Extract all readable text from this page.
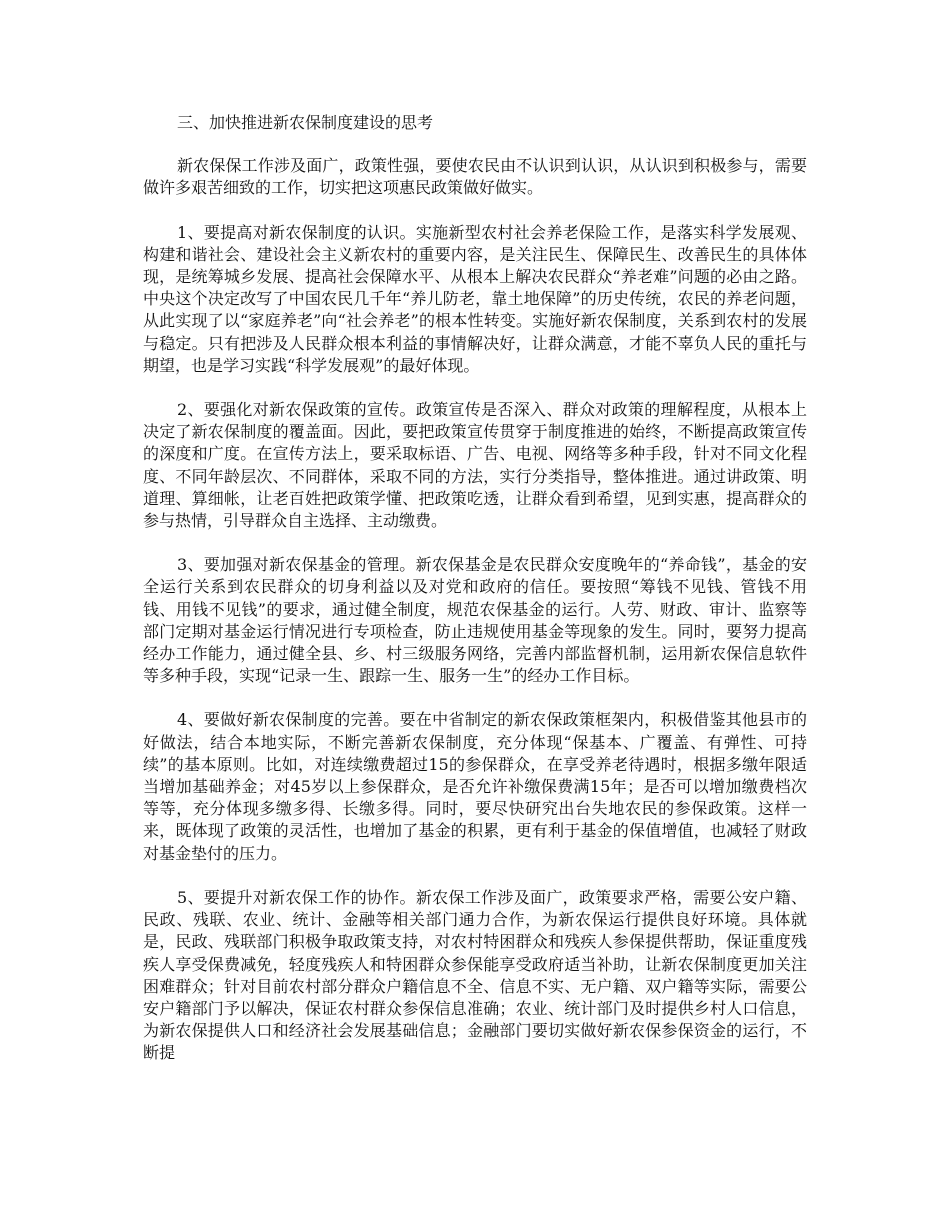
三、加快推进新农保制度建设的思考

新农保保工作涉及面广，政策性强，要使农民由不认识到认识，从认识到积极参与，需要做许多艰苦细致的工作，切实把这项惠民政策做好做实。

1、要提高对新农保制度的认识。实施新型农村社会养老保险工作，是落实科学发展观、构建和谐社会、建设社会主义新农村的重要内容，是关注民生、保障民生、改善民生的具体体现，是统筹城乡发展、提高社会保障水平、从根本上解决农民群众“养老难”问题的必由之路。中央这个决定改写了中国农民几千年“养儿防老，靠土地保障”的历史传统，农民的养老问题，从此实现了以“家庭养老”向“社会养老”的根本性转变。实施好新农保制度，关系到农村的发展与稳定。只有把涉及人民群众根本利益的事情解决好，让群众满意，才能不辜负人民的重托与期望，也是学习实践“科学发展观”的最好体现。

2、要强化对新农保政策的宣传。政策宣传是否深入、群众对政策的理解程度，从根本上决定了新农保制度的覆盖面。因此，要把政策宣传贯穿于制度推进的始终，不断提高政策宣传的深度和广度。在宣传方法上，要采取标语、广告、电视、网络等多种手段，针对不同文化程度、不同年龄层次、不同群体，采取不同的方法，实行分类指导，整体推进。通过讲政策、明道理、算细帐，让老百姓把政策学懂、把政策吃透，让群众看到希望，见到实惠，提高群众的参与热情，引导群众自主选择、主动缴费。

3、要加强对新农保基金的管理。新农保基金是农民群众安度晚年的“养命钱”，基金的安全运行关系到农民群众的切身利益以及对党和政府的信任。要按照“筹钱不见钱、管钱不用钱、用钱不见钱”的要求，通过健全制度，规范农保基金的运行。人劳、财政、审计、监察等部门定期对基金运行情况进行专项检查，防止违规使用基金等现象的发生。同时，要努力提高经办工作能力，通过健全县、乡、村三级服务网络，完善内部监督机制，运用新农保信息软件等多种手段，实现“记录一生、跟踪一生、服务一生”的经办工作目标。

4、要做好新农保制度的完善。要在中省制定的新农保政策框架内，积极借鉴其他县市的好做法，结合本地实际，不断完善新农保制度，充分体现“保基本、广覆盖、有弹性、可持续”的基本原则。比如，对连续缴费超过15的参保群众，在享受养老待遇时，根据多缴年限适当增加基础养金；对45岁以上参保群众，是否允许补缴保费满15年；是否可以增加缴费档次等等，充分体现多缴多得、长缴多得。同时，要尽快研究出台失地农民的参保政策。这样一来，既体现了政策的灵活性，也增加了基金的积累，更有利于基金的保值增值，也减轻了财政对基金垫付的压力。

5、要提升对新农保工作的协作。新农保工作涉及面广，政策要求严格，需要公安户籍、民政、残联、农业、统计、金融等相关部门通力合作，为新农保运行提供良好环境。具体就是，民政、残联部门积极争取政策支持，对农村特困群众和残疾人参保提供帮助，保证重度残疾人享受保费减免，轻度残疾人和特困群众参保能享受政府适当补助，让新农保制度更加关注困难群众；针对目前农村部分群众户籍信息不全、信息不实、无户籍、双户籍等实际，需要公安户籍部门予以解决，保证农村群众参保信息准确；农业、统计部门及时提供乡村人口信息，为新农保提供人口和经济社会发展基础信息；金融部门要切实做好新农保参保资金的运行，不断提
